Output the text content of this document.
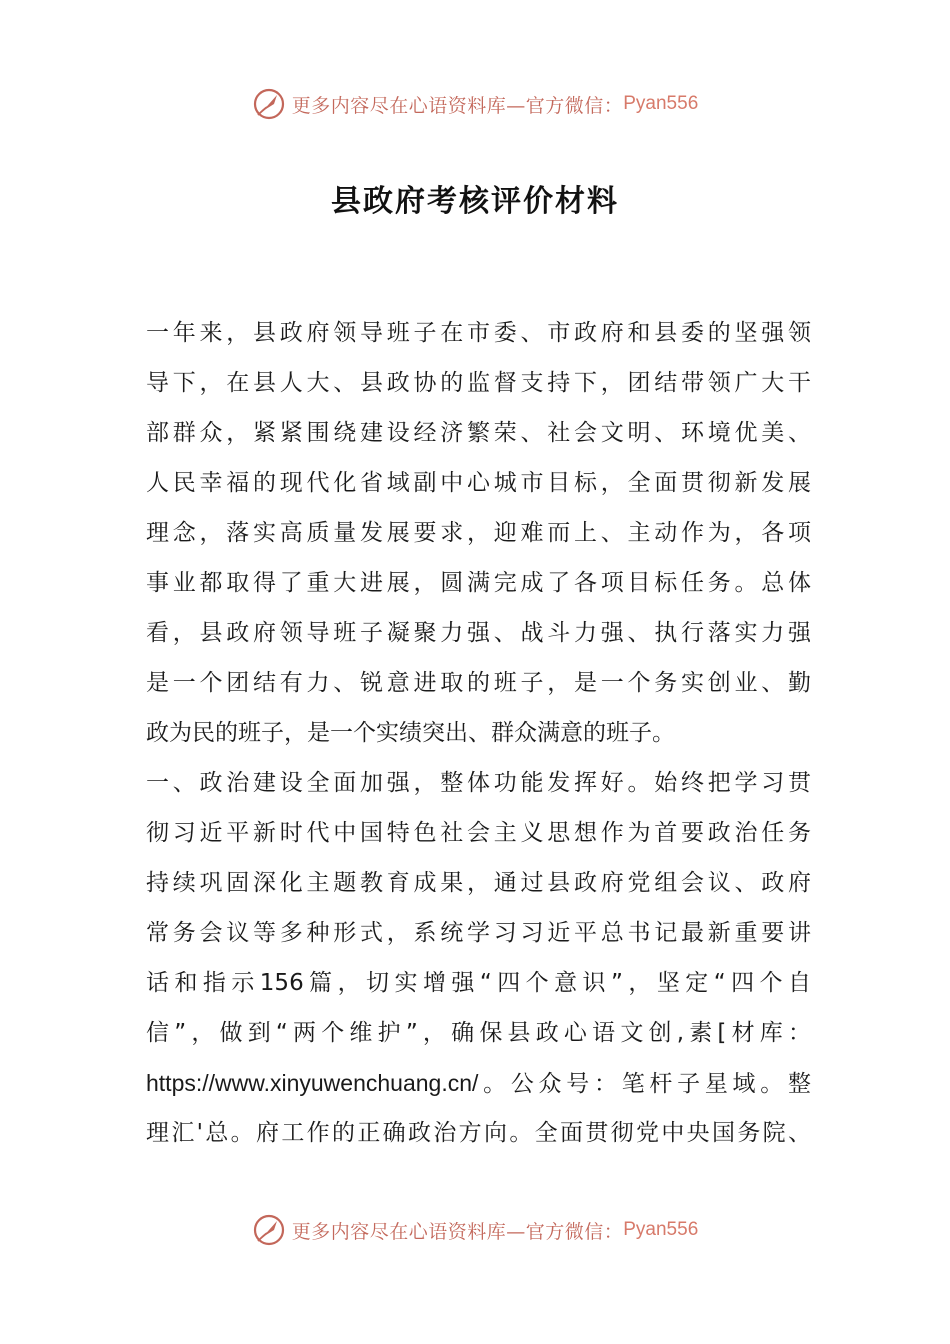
更多内容尽在心语资料库—官方微信： Pyan556
县政府考核评价材料
一年来，县政府领导班子在市委、市政府和县委的坚强领
导下，在县人大、县政协的监督支持下，团结带领广大干
部群众，紧紧围绕建设经济繁荣、社会文明、环境优美、
人民幸福的现代化省域副中心城市目标，全面贯彻新发展
理念，落实高质量发展要求，迎难而上、主动作为，各项
事业都取得了重大进展，圆满完成了各项目标任务。总体
看，县政府领导班子凝聚力强、战斗力强、执行落实力强
是一个团结有力、锐意进取的班子，是一个务实创业、勤
政为民的班子，是一个实绩突出、群众满意的班子。
一、政治建设全面加强，整体功能发挥好。始终把学习贯
彻习近平新时代中国特色社会主义思想作为首要政治任务
持续巩固深化主题教育成果，通过县政府党组会议、政府
常务会议等多种形式，系统学习习近平总书记最新重要讲
话和指示156篇，切实增强“四个意识”，坚定“四个自
信”，做到“两个维护”，确保县政心语文创,素[材库：
https://www.xinyuwenchuang.cn/。公众号：笔杆子星域。整
理汇'总。府工作的正确政治方向。全面贯彻党中央国务院、
更多内容尽在心语资料库—官方微信： Pyan556
